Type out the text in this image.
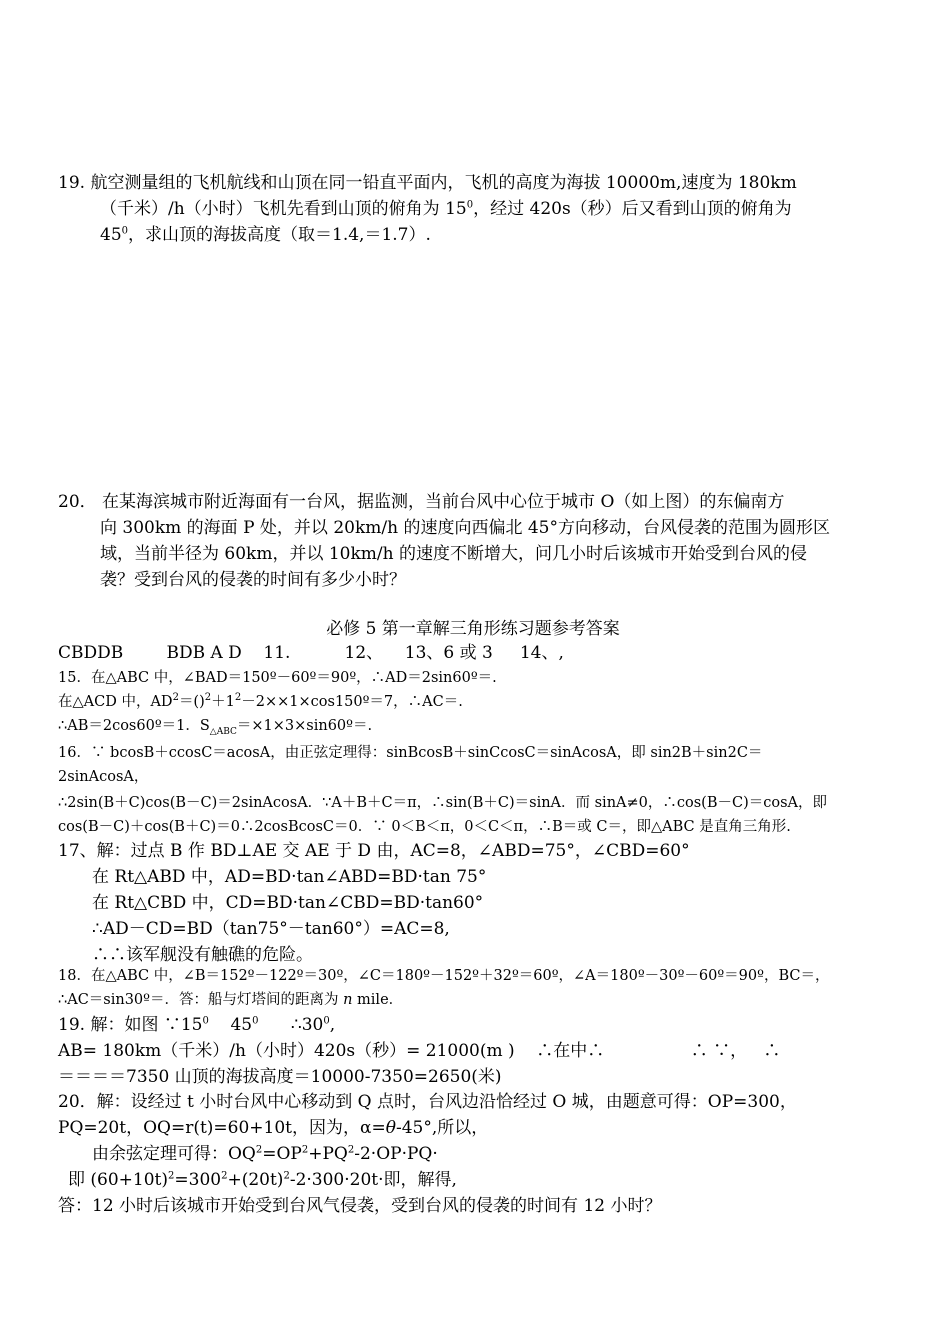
19. 航空测量组的飞机航线和山顶在同一铅直平面内，飞机的高度为海拔 10000m,速度为 180km

（千米）/h（小时）飞机先看到山顶的俯角为 $15^0$，经过 420s（秒）后又看到山顶的俯角为

$45^0$，求山顶的海拔高度（取＝1.4,＝1.7）.

20． 在某海滨城市附近海面有一台风，据监测，当前台风中心位于城市 O（如上图）的东偏南方

向 300km 的海面 P 处，并以 20km/h 的速度向西偏北 45°方向移动，台风侵袭的范围为圆形区

域，当前半径为 60km，并以 10km/h 的速度不断增大，问几小时后该城市开始受到台风的侵

袭？受到台风的侵袭的时间有多少小时？

必修 5 第一章解三角形练习题参考答案
CBDDB        BDB A D    11.          12、    13、6 或 3     14、,

15．在△ABC 中，∠BAD＝150º－60º＝90º，∴AD＝2sin60º＝.

在△ACD 中，$AD^2=()^2+1^2-2\times\times 1\times\cos 150º=7$，∴AC＝.

∴AB＝2cos60º＝1．$S_{\triangle ABC}=\times 1\times 3\times\sin 60º=$.

16．∵ bcosB＋ccosC＝acosA，由正弦定理得：sinBcosB＋sinCcosC＝sinAcosA，即 sin2B＋sin2C＝

2sinAcosA，

∴2sin(B＋C)cos(B－C)＝2sinAcosA．∵A＋B＋C＝π，∴sin(B＋C)＝sinA．而 sinA≠0，∴cos(B－C)＝cosA，即

cos(B－C)＋cos(B＋C)＝0∴2cosBcosC＝0．∵ 0＜B＜π，0＜C＜π，∴B＝或 C＝，即△ABC 是直角三角形.

17、解：过点 B 作 BD⊥AE 交 AE 于 D 由，AC=8，∠ABD=75°，∠CBD=60°

在 Rt△ABD 中，AD=BD·tan∠ABD=BD·tan 75°

在 Rt△CBD 中，CD=BD·tan∠CBD=BD·tan60°

∴AD－CD=BD（tan75°－tan60°）=AC=8,

∴∴该军舰没有触礁的危险。

18．在△ABC 中，∠B＝152º－122º＝30º，∠C＝180º－152º＋32º＝60º，∠A＝180º－30º－60º＝90º，BC＝，

∴AC＝sin30º＝．答：船与灯塔间的距离为 n mile．

19. 解：如图 $\because 15^0$    $45^0$      $\therefore 30^0$,

AB= 180km（千米）/h（小时）420s（秒）= 21000(m )    ∴在中∴                ∴ ∵，   ∴

＝＝＝＝7350 山顶的海拔高度＝10000-7350=2650(米)

20．解：设经过 t 小时台风中心移动到 Q 点时，台风边沿恰经过 O 城，由题意可得：OP=300，

PQ=20t，OQ=r(t)=60+10t，因为，α=θ-45°,所以，

由余弦定理可得：$OQ^2=OP^2+PQ^2-2\cdot OP\cdot PQ\cdot$

即 $(60+10t)^2=300^2+(20t)^2-2\cdot 300\cdot 20t\cdot$即，解得,

答：12 小时后该城市开始受到台风气侵袭，受到台风的侵袭的时间有 12 小时？
